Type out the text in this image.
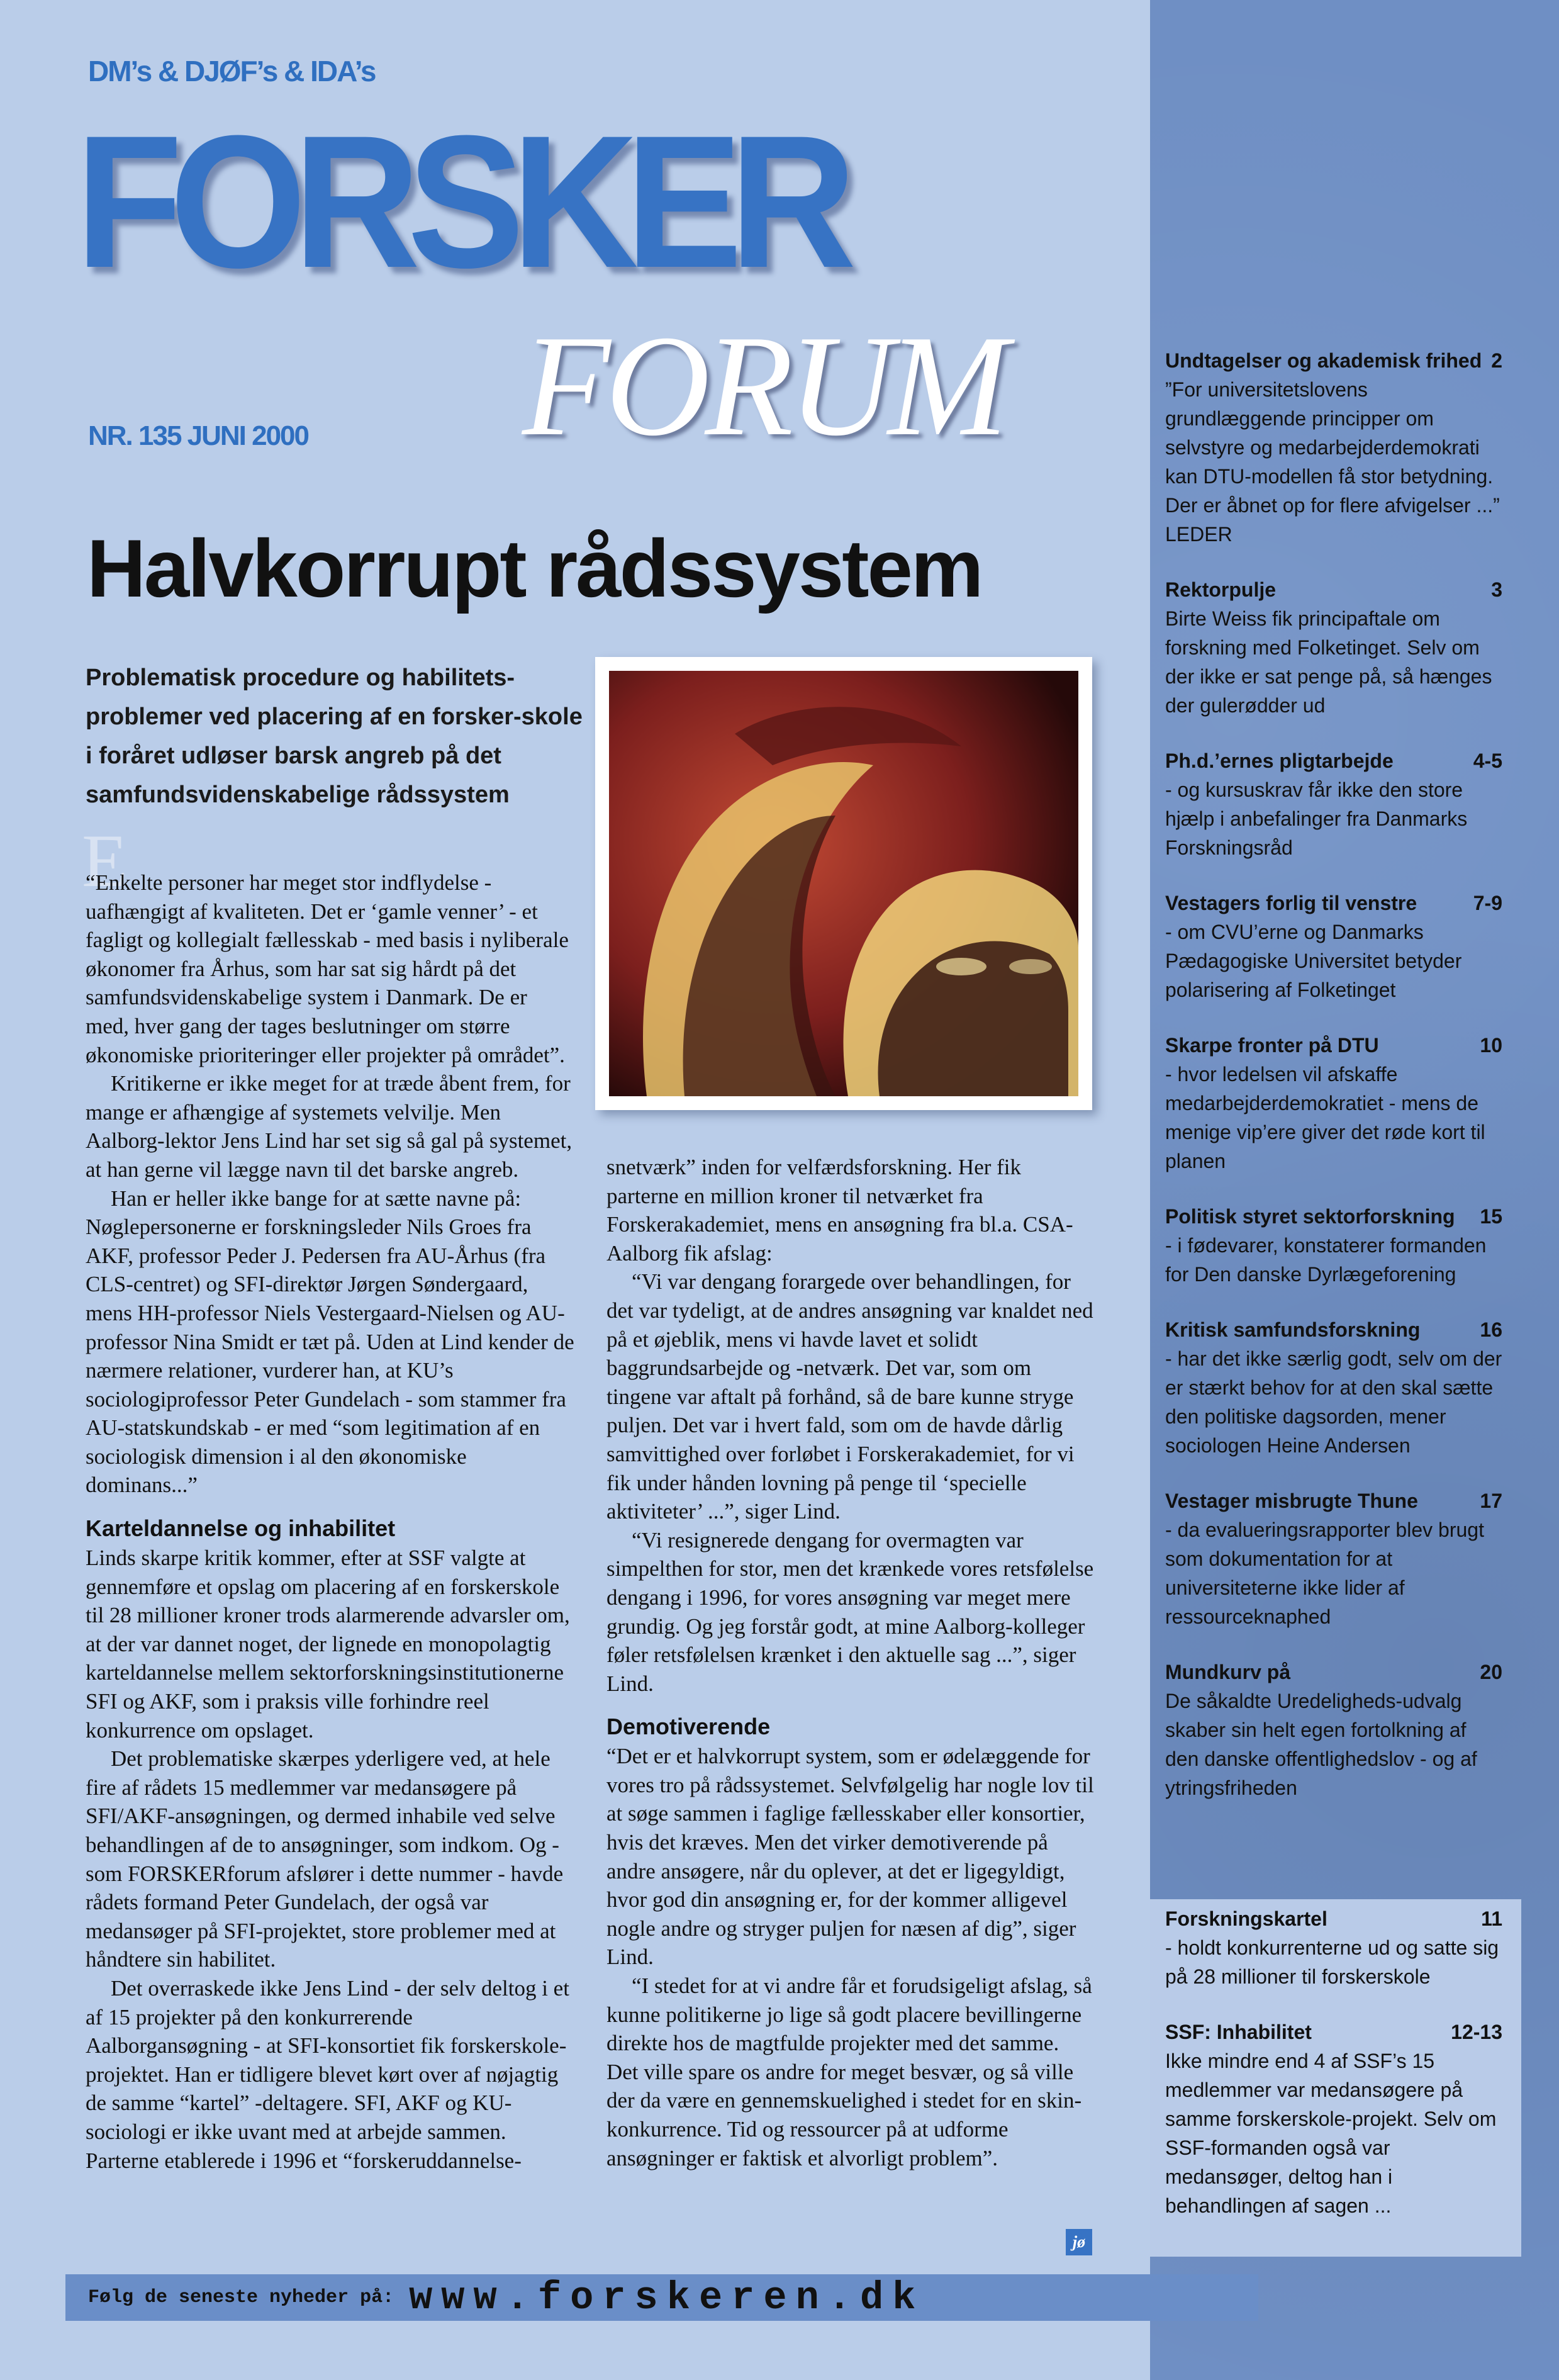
DM’s & DJØF’s & IDA’s
FORSKER
FORUM
NR. 135 JUNI 2000
Halvkorrupt rådssystem
Problematisk procedure og habilitets-problemer ved placering af en forsker-skole i foråret udløser barsk angreb på det samfundsvidenskabelige rådssystem
E

“Enkelte personer har meget stor indflydelse - uafhængigt af kvaliteten. Det er ‘gamle venner’ - et fagligt og kollegialt fællesskab - med basis i nyliberale økonomer fra Århus, som har sat sig hårdt på det samfundsvidenskabelige system i Danmark. De er med, hver gang der tages beslutninger om større økonomiske prioriteringer eller projekter på området”.

Kritikerne er ikke meget for at træde åbent frem, for mange er afhængige af systemets velvilje. Men Aalborg-lektor Jens Lind har set sig så gal på systemet, at han gerne vil lægge navn til det barske angreb.

Han er heller ikke bange for at sætte navne på: Nøglepersonerne er forskningsleder Nils Groes fra AKF, professor Peder J. Pedersen fra AU-Århus (fra CLS-centret) og SFI-direktør Jørgen Søndergaard, mens HH-professor Niels Vestergaard-Nielsen og AU-professor Nina Smidt er tæt på. Uden at Lind kender de nærmere relationer, vurderer han, at KU’s sociologiprofessor Peter Gundelach - som stammer fra AU-statskundskab - er med “som legitimation af en sociologisk dimension i al den økonomiske dominans...”

Karteldannelse og inhabilitet

Linds skarpe kritik kommer, efter at SSF valgte at gennemføre et opslag om placering af en forskerskole til 28 millioner kroner trods alarmerende advarsler om, at der var dannet noget, der lignede en monopolagtig karteldannelse mellem sektorforskningsinstitutionerne SFI og AKF, som i praksis ville forhindre reel konkurrence om opslaget.

Det problematiske skærpes yderligere ved, at hele fire af rådets 15 medlemmer var medansøgere på SFI/AKF-ansøgningen, og dermed inhabile ved selve behandlingen af de to ansøgninger, som indkom. Og - som FORSKERforum afslører i dette nummer - havde rådets formand Peter Gundelach, der også var medansøger på SFI-projektet, store problemer med at håndtere sin habilitet.

Det overraskede ikke Jens Lind - der selv deltog i et af 15 projekter på den konkurrerende Aalborgansøgning - at SFI-konsortiet fik forskerskole-projektet. Han er tidligere blevet kørt over af nøjagtig de samme “kartel” -deltagere. SFI, AKF og KU-sociologi er ikke uvant med at arbejde sammen. Parterne etablerede i 1996 et “forskeruddannelse-

snetværk” inden for velfærdsforskning. Her fik parterne en million kroner til netværket fra Forskerakademiet, mens en ansøgning fra bl.a. CSA-Aalborg fik afslag:

“Vi var dengang forargede over behandlingen, for det var tydeligt, at de andres ansøgning var knaldet ned på et øjeblik, mens vi havde lavet et solidt baggrundsarbejde og -netværk. Det var, som om tingene var aftalt på forhånd, så de bare kunne stryge puljen. Det var i hvert fald, som om de havde dårlig samvittighed over forløbet i Forskerakademiet, for vi fik under hånden lovning på penge til ‘specielle aktiviteter’ ...”, siger Lind.

“Vi resignerede dengang for overmagten var simpelthen for stor, men det krænkede vores retsfølelse dengang i 1996, for vores ansøgning var meget mere grundig. Og jeg forstår godt, at mine Aalborg-kolleger føler retsfølelsen krænket i den aktuelle sag ...”, siger Lind.

Demotiverende

“Det er et halvkorrupt system, som er ødelæggende for vores tro på rådssystemet. Selvfølgelig har nogle lov til at søge sammen i faglige fællesskaber eller konsortier, hvis det kræves. Men det virker demotiverende på andre ansøgere, når du oplever, at det er ligegyldigt, hvor god din ansøgning er, for der kommer alligevel nogle andre og stryger puljen for næsen af dig”, siger Lind.

“I stedet for at vi andre får et forudsigeligt afslag, så kunne politikerne jo lige så godt placere bevillingerne direkte hos de magtfulde projekter med det samme. Det ville spare os andre for meget besvær, og så ville der da være en gennemskuelighed i stedet for en skin-konkurrence. Tid og ressourcer på at udforme ansøgninger er faktisk et alvorligt problem”.

jø
Undtagelser og akademisk frihed 2
”For universitetslovens grundlæggende principper om selvstyre og medarbejderdemokrati kan DTU-modellen få stor betydning. Der er åbnet op for flere afvigelser ...” LEDER
Rektorpulje	3
Birte Weiss fik principaftale om forskning med Folketinget. Selv om der ikke er sat penge på, så hænges der gulerødder ud
Ph.d.’ernes pligtarbejde	4-5
- og kursuskrav får ikke den store hjælp i anbefalinger fra Danmarks Forskningsråd
Vestagers forlig til venstre	7-9
- om CVU’erne og Danmarks Pædagogiske Universitet betyder polarisering af Folketinget
Skarpe fronter på DTU	10
- hvor ledelsen vil afskaffe medarbejderdemokratiet - mens de menige vip’ere giver det røde kort til planen
Politisk styret sektorforskning 15
- i fødevarer, konstaterer formanden for Den danske Dyrlægeforening
Kritisk samfundsforskning	16
- har det ikke særlig godt, selv om der er stærkt behov for at den skal sætte den politiske dagsorden, mener sociologen Heine Andersen
Vestager misbrugte Thune	17
- da evalueringsrapporter blev brugt som dokumentation for at universiteterne ikke lider af ressourceknaphed
Mundkurv på	20
De såkaldte Uredeligheds-udvalg skaber sin helt egen fortolkning af den danske offentlighedslov - og af ytringsfriheden
Forskningskartel	11
- holdt konkurrenterne ud og satte sig på 28 millioner til forskerskole
SSF: Inhabilitet	12-13
Ikke mindre end 4 af SSF’s 15 medlemmer var medansøgere på samme forskerskole-projekt. Selv om SSF-formanden også var medansøger, deltog han i behandlingen af sagen ...
Følg de seneste nyheder på: www.forskeren.dk
